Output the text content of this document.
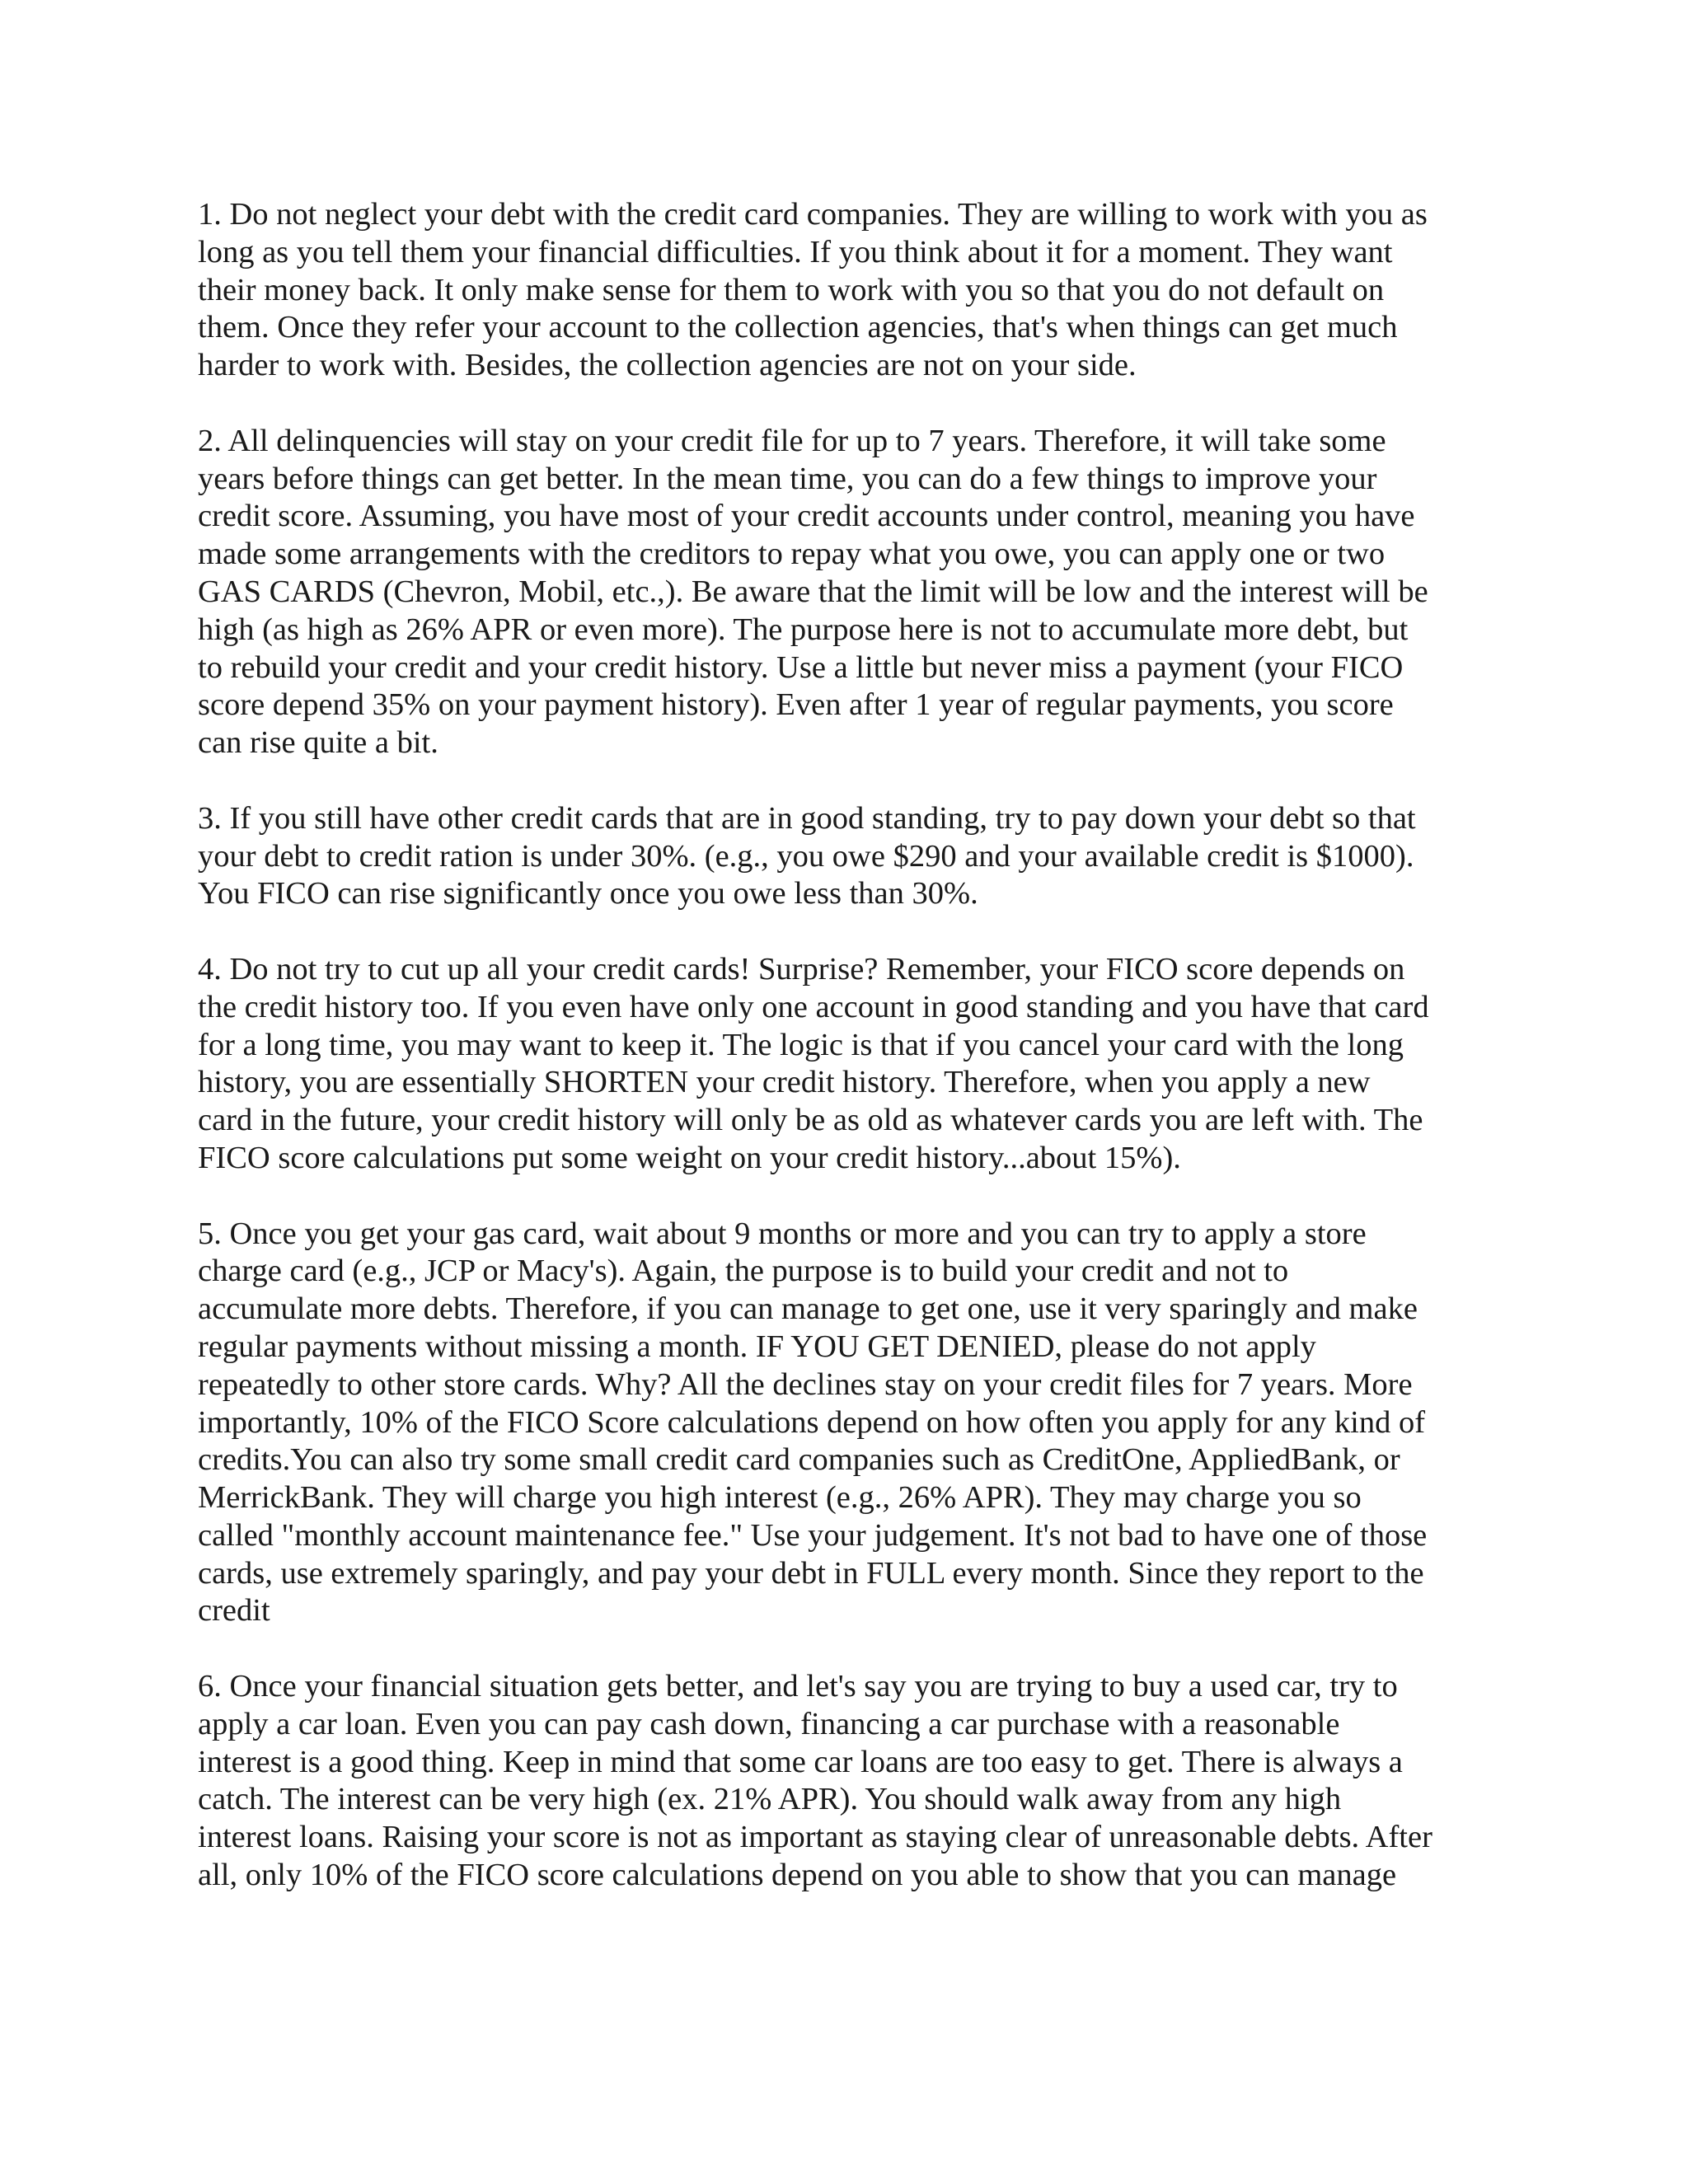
1. Do not neglect your debt with the credit card companies. They are willing to work with you as
long as you tell them your financial difficulties. If you think about it for a moment. They want
their money back. It only make sense for them to work with you so that you do not default on
them. Once they refer your account to the collection agencies, that's when things can get much
harder to work with. Besides, the collection agencies are not on your side.
2. All delinquencies will stay on your credit file for up to 7 years. Therefore, it will take some
years before things can get better. In the mean time, you can do a few things to improve your
credit score. Assuming, you have most of your credit accounts under control, meaning you have
made some arrangements with the creditors to repay what you owe, you can apply one or two
GAS CARDS (Chevron, Mobil, etc.,). Be aware that the limit will be low and the interest will be
high (as high as 26% APR or even more). The purpose here is not to accumulate more debt, but
to rebuild your credit and your credit history. Use a little but never miss a payment (your FICO
score depend 35% on your payment history). Even after 1 year of regular payments, you score
can rise quite a bit.
3. If you still have other credit cards that are in good standing, try to pay down your debt so that
your debt to credit ration is under 30%. (e.g., you owe $290 and your available credit is $1000).
You FICO can rise significantly once you owe less than 30%.
4. Do not try to cut up all your credit cards! Surprise? Remember, your FICO score depends on
the credit history too. If you even have only one account in good standing and you have that card
for a long time, you may want to keep it. The logic is that if you cancel your card with the long
history, you are essentially SHORTEN your credit history. Therefore, when you apply a new
card in the future, your credit history will only be as old as whatever cards you are left with. The
FICO score calculations put some weight on your credit history...about 15%).
5. Once you get your gas card, wait about 9 months or more and you can try to apply a store
charge card (e.g., JCP or Macy's). Again, the purpose is to build your credit and not to
accumulate more debts. Therefore, if you can manage to get one, use it very sparingly and make
regular payments without missing a month. IF YOU GET DENIED, please do not apply
repeatedly to other store cards. Why? All the declines stay on your credit files for 7 years. More
importantly, 10% of the FICO Score calculations depend on how often you apply for any kind of
credits.You can also try some small credit card companies such as CreditOne, AppliedBank, or
MerrickBank. They will charge you high interest (e.g., 26% APR). They may charge you so
called "monthly account maintenance fee." Use your judgement. It's not bad to have one of those
cards, use extremely sparingly, and pay your debt in FULL every month. Since they report to the
credit
6. Once your financial situation gets better, and let's say you are trying to buy a used car, try to
apply a car loan. Even you can pay cash down, financing a car purchase with a reasonable
interest is a good thing. Keep in mind that some car loans are too easy to get. There is always a
catch. The interest can be very high (ex. 21% APR). You should walk away from any high
interest loans. Raising your score is not as important as staying clear of unreasonable debts. After
all, only 10% of the FICO score calculations depend on you able to show that you can manage
